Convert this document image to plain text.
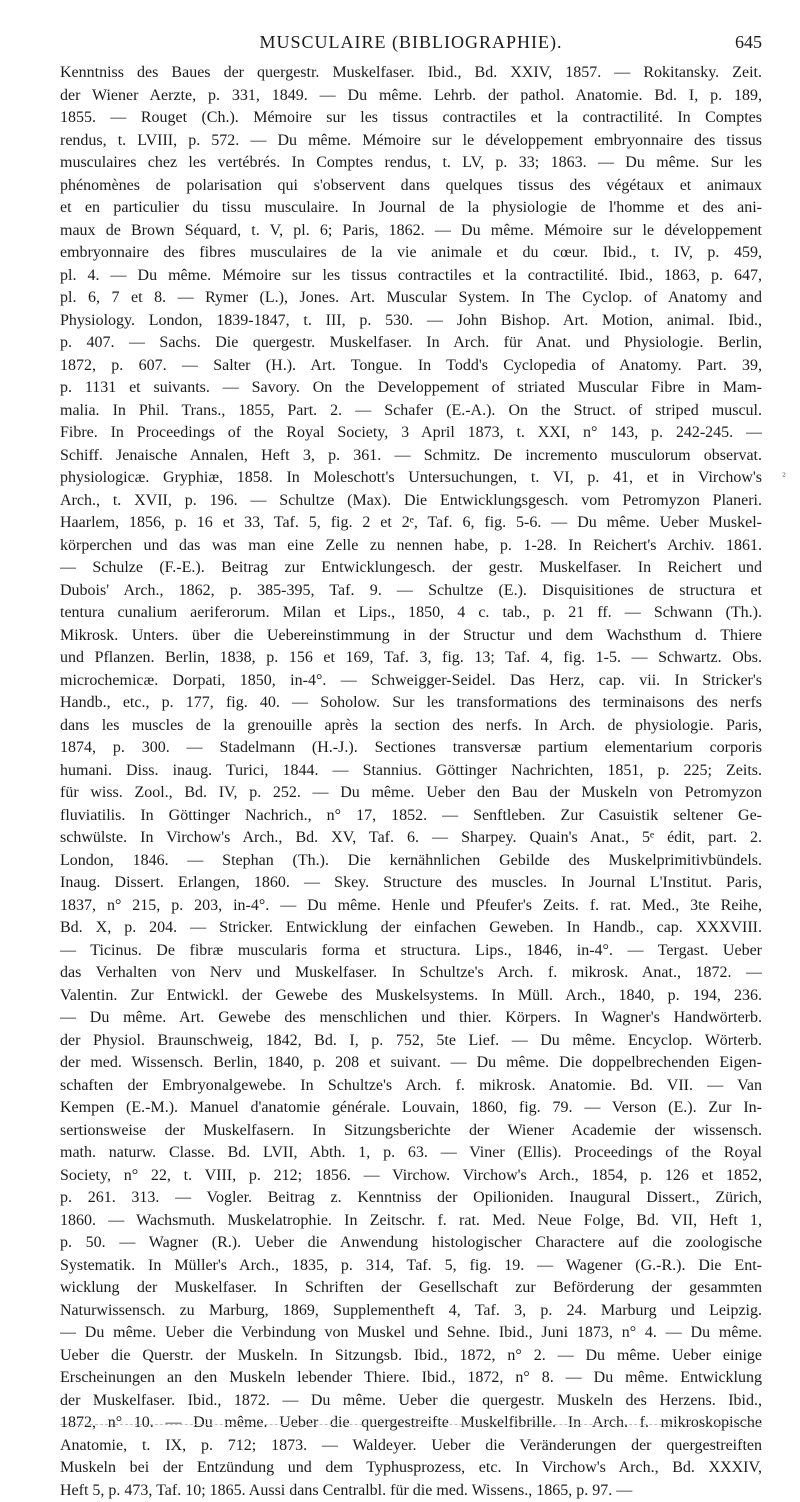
MUSCULAIRE (BIBLIOGRAPHIE).	645
²
Kenntniss des Baues der quergestr. Muskelfaser. Ibid., Bd. XXIV, 1857. — Rokitansky. Zeit.
der Wiener Aerzte, p. 331, 1849. — Du même. Lehrb. der pathol. Anatomie. Bd. I, p. 189,
1855. — Rouget (Ch.). Mémoire sur les tissus contractiles et la contractilité. In Comptes
rendus, t. LVIII, p. 572. — Du même. Mémoire sur le développement embryonnaire des tissus
musculaires chez les vertébrés. In Comptes rendus, t. LV, p. 33; 1863. — Du même. Sur les
phénomènes de polarisation qui s'observent dans quelques tissus des végétaux et animaux
et en particulier du tissu musculaire. In Journal de la physiologie de l'homme et des ani-
maux de Brown Séquard, t. V, pl. 6; Paris, 1862. — Du même. Mémoire sur le développement
embryonnaire des fibres musculaires de la vie animale et du cœur. Ibid., t. IV, p. 459,
pl. 4. — Du même. Mémoire sur les tissus contractiles et la contractilité. Ibid., 1863, p. 647,
pl. 6, 7 et 8. — Rymer (L.), Jones. Art. Muscular System. In The Cyclop. of Anatomy and
Physiology. London, 1839-1847, t. III, p. 530. — John Bishop. Art. Motion, animal. Ibid.,
p. 407. — Sachs. Die quergestr. Muskelfaser. In Arch. für Anat. und Physiologie. Berlin,
1872, p. 607. — Salter (H.). Art. Tongue. In Todd's Cyclopedia of Anatomy. Part. 39,
p. 1131 et suivants. — Savory. On the Developpement of striated Muscular Fibre in Mam-
malia. In Phil. Trans., 1855, Part. 2. — Schafer (E.-A.). On the Struct. of striped muscul.
Fibre. In Proceedings of the Royal Society, 3 April 1873, t. XXI, n° 143, p. 242-245. —
Schiff. Jenaische Annalen, Heft 3, p. 361. — Schmitz. De incremento musculorum observat.
physiologicæ. Gryphiæ, 1858. In Moleschott's Untersuchungen, t. VI, p. 41, et in Virchow's
Arch., t. XVII, p. 196. — Schultze (Max). Die Entwicklungsgesch. vom Petromyzon Planeri.
Haarlem, 1856, p. 16 et 33, Taf. 5, fig. 2 et 2ᵉ, Taf. 6, fig. 5-6. — Du même. Ueber Muskel-
körperchen und das was man eine Zelle zu nennen habe, p. 1-28. In Reichert's Archiv. 1861.
— Schulze (F.-E.). Beitrag zur Entwicklungesch. der gestr. Muskelfaser. In Reichert und
Dubois' Arch., 1862, p. 385-395, Taf. 9. — Schultze (E.). Disquisitiones de structura et
tentura cunalium aeriferorum. Milan et Lips., 1850, 4 c. tab., p. 21 ff. — Schwann (Th.).
Mikrosk. Unters. über die Uebereinstimmung in der Structur und dem Wachsthum d. Thiere
und Pflanzen. Berlin, 1838, p. 156 et 169, Taf. 3, fig. 13; Taf. 4, fig. 1-5. — Schwartz. Obs.
microchemicæ. Dorpati, 1850, in-4°. — Schweigger-Seidel. Das Herz, cap. vii. In Stricker's
Handb., etc., p. 177, fig. 40. — Soholow. Sur les transformations des terminaisons des nerfs
dans les muscles de la grenouille après la section des nerfs. In Arch. de physiologie. Paris,
1874, p. 300. — Stadelmann (H.-J.). Sectiones transversæ partium elementarium corporis
humani. Diss. inaug. Turici, 1844. — Stannius. Göttinger Nachrichten, 1851, p. 225; Zeits.
für wiss. Zool., Bd. IV, p. 252. — Du même. Ueber den Bau der Muskeln von Petromyzon
fluviatilis. In Göttinger Nachrich., n° 17, 1852. — Senftleben. Zur Casuistik seltener Ge-
schwülste. In Virchow's Arch., Bd. XV, Taf. 6. — Sharpey. Quain's Anat., 5ᵉ édit, part. 2.
London, 1846. — Stephan (Th.). Die kernähnlichen Gebilde des Muskelprimitivbündels.
Inaug. Dissert. Erlangen, 1860. — Skey. Structure des muscles. In Journal L'Institut. Paris,
1837, n° 215, p. 203, in-4°. — Du même. Henle und Pfeufer's Zeits. f. rat. Med., 3te Reihe,
Bd. X, p. 204. — Stricker. Entwicklung der einfachen Geweben. In Handb., cap. XXXVIII.
— Ticinus. De fibræ muscularis forma et structura. Lips., 1846, in-4°. — Tergast. Ueber
das Verhalten von Nerv und Muskelfaser. In Schultze's Arch. f. mikrosk. Anat., 1872. —
Valentin. Zur Entwickl. der Gewebe des Muskelsystems. In Müll. Arch., 1840, p. 194, 236.
— Du même. Art. Gewebe des menschlichen und thier. Körpers. In Wagner's Handwörterb.
der Physiol. Braunschweig, 1842, Bd. I, p. 752, 5te Lief. — Du même. Encyclop. Wörterb.
der med. Wissensch. Berlin, 1840, p. 208 et suivant. — Du même. Die doppelbrechenden Eigen-
schaften der Embryonalgewebe. In Schultze's Arch. f. mikrosk. Anatomie. Bd. VII. — Van
Kempen (E.-M.). Manuel d'anatomie générale. Louvain, 1860, fig. 79. — Verson (E.). Zur In-
sertionsweise der Muskelfasern. In Sitzungsberichte der Wiener Academie der wissensch.
math. naturw. Classe. Bd. LVII, Abth. 1, p. 63. — Viner (Ellis). Proceedings of the Royal
Society, n° 22, t. VIII, p. 212; 1856. — Virchow. Virchow's Arch., 1854, p. 126 et 1852,
p. 261. 313. — Vogler. Beitrag z. Kenntniss der Opilioniden. Inaugural Dissert., Zürich,
1860. — Wachsmuth. Muskelatrophie. In Zeitschr. f. rat. Med. Neue Folge, Bd. VII, Heft 1,
p. 50. — Wagner (R.). Ueber die Anwendung histologischer Charactere auf die zoologische
Systematik. In Müller's Arch., 1835, p. 314, Taf. 5, fig. 19. — Wagener (G.-R.). Die Ent-
wicklung der Muskelfaser. In Schriften der Gesellschaft zur Beförderung der gesammten
Naturwissensch. zu Marburg, 1869, Supplementheft 4, Taf. 3, p. 24. Marburg und Leipzig.
— Du même. Ueber die Verbindung von Muskel und Sehne. Ibid., Juni 1873, n° 4. — Du même.
Ueber die Querstr. der Muskeln. In Sitzungsb. Ibid., 1872, n° 2. — Du même. Ueber einige
Erscheinungen an den Muskeln lebender Thiere. Ibid., 1872, n° 8. — Du même. Entwicklung
der Muskelfaser. Ibid., 1872. — Du même. Ueber die quergestr. Muskeln des Herzens. Ibid.,
1872, n° 10. — Du même. Ueber die quergestreifte Muskelfibrille. In Arch. f. mikroskopische
Anatomie, t. IX, p. 712; 1873. — Waldeyer. Ueber die Veränderungen der quergestreiften
Muskeln bei der Entzündung und dem Typhusprozess, etc. In Virchow's Arch., Bd. XXXIV,
Heft 5, p. 473, Taf. 10; 1865. Aussi dans Centralbl. für die med. Wissens., 1865, p. 97. —
